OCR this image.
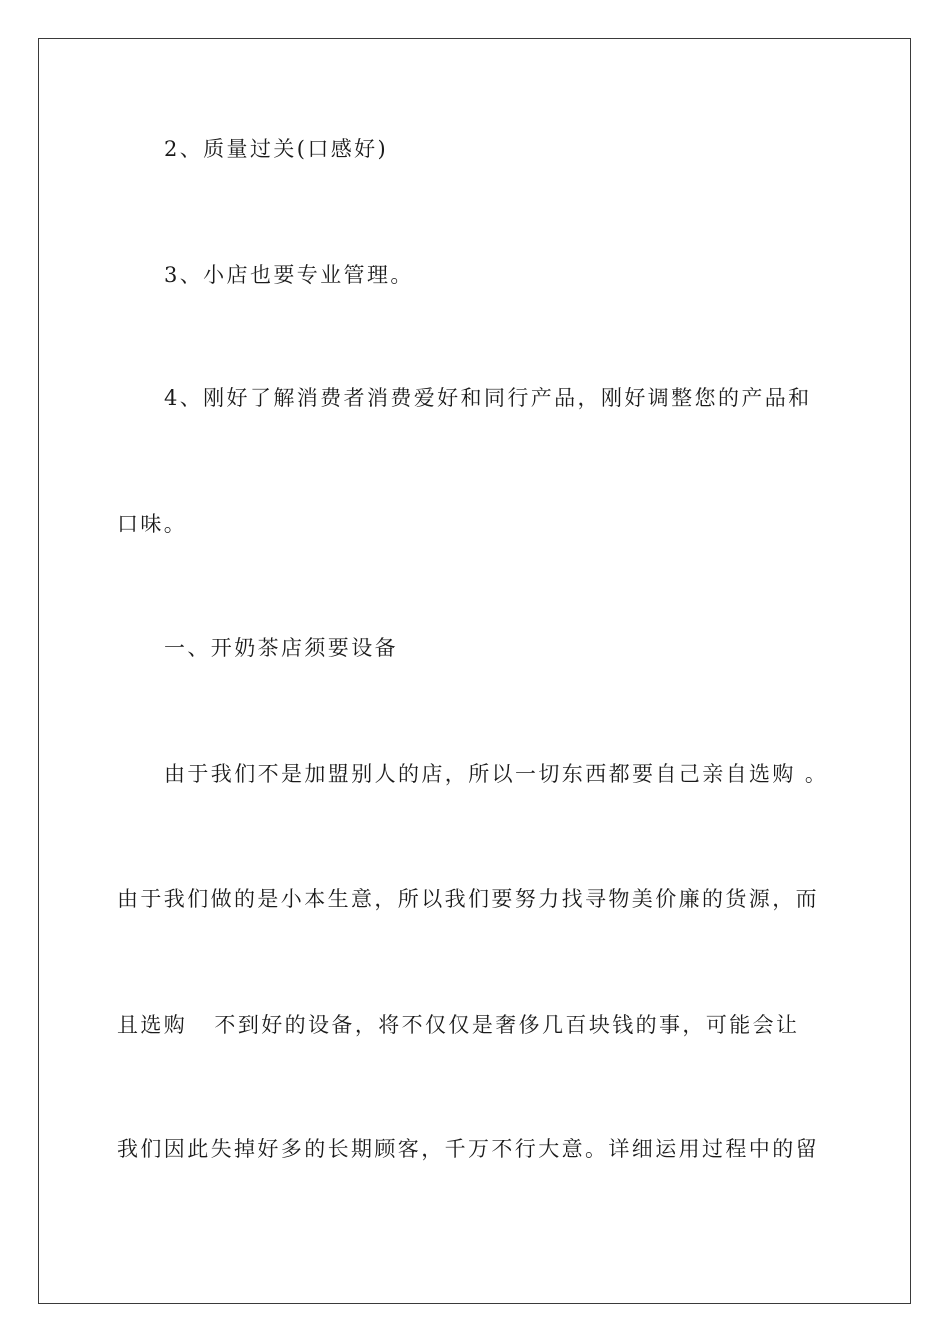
2、质量过关(口感好)
3、小店也要专业管理。
4、刚好了解消费者消费爱好和同行产品，刚好调整您的产品和
口味。
一、开奶茶店须要设备
由于我们不是加盟别人的店，所以一切东西都要自己亲自选购 。
由于我们做的是小本生意，所以我们要努力找寻物美价廉的货源，而
且选购   不到好的设备，将不仅仅是奢侈几百块钱的事，可能会让
我们因此失掉好多的长期顾客，千万不行大意。详细运用过程中的留
